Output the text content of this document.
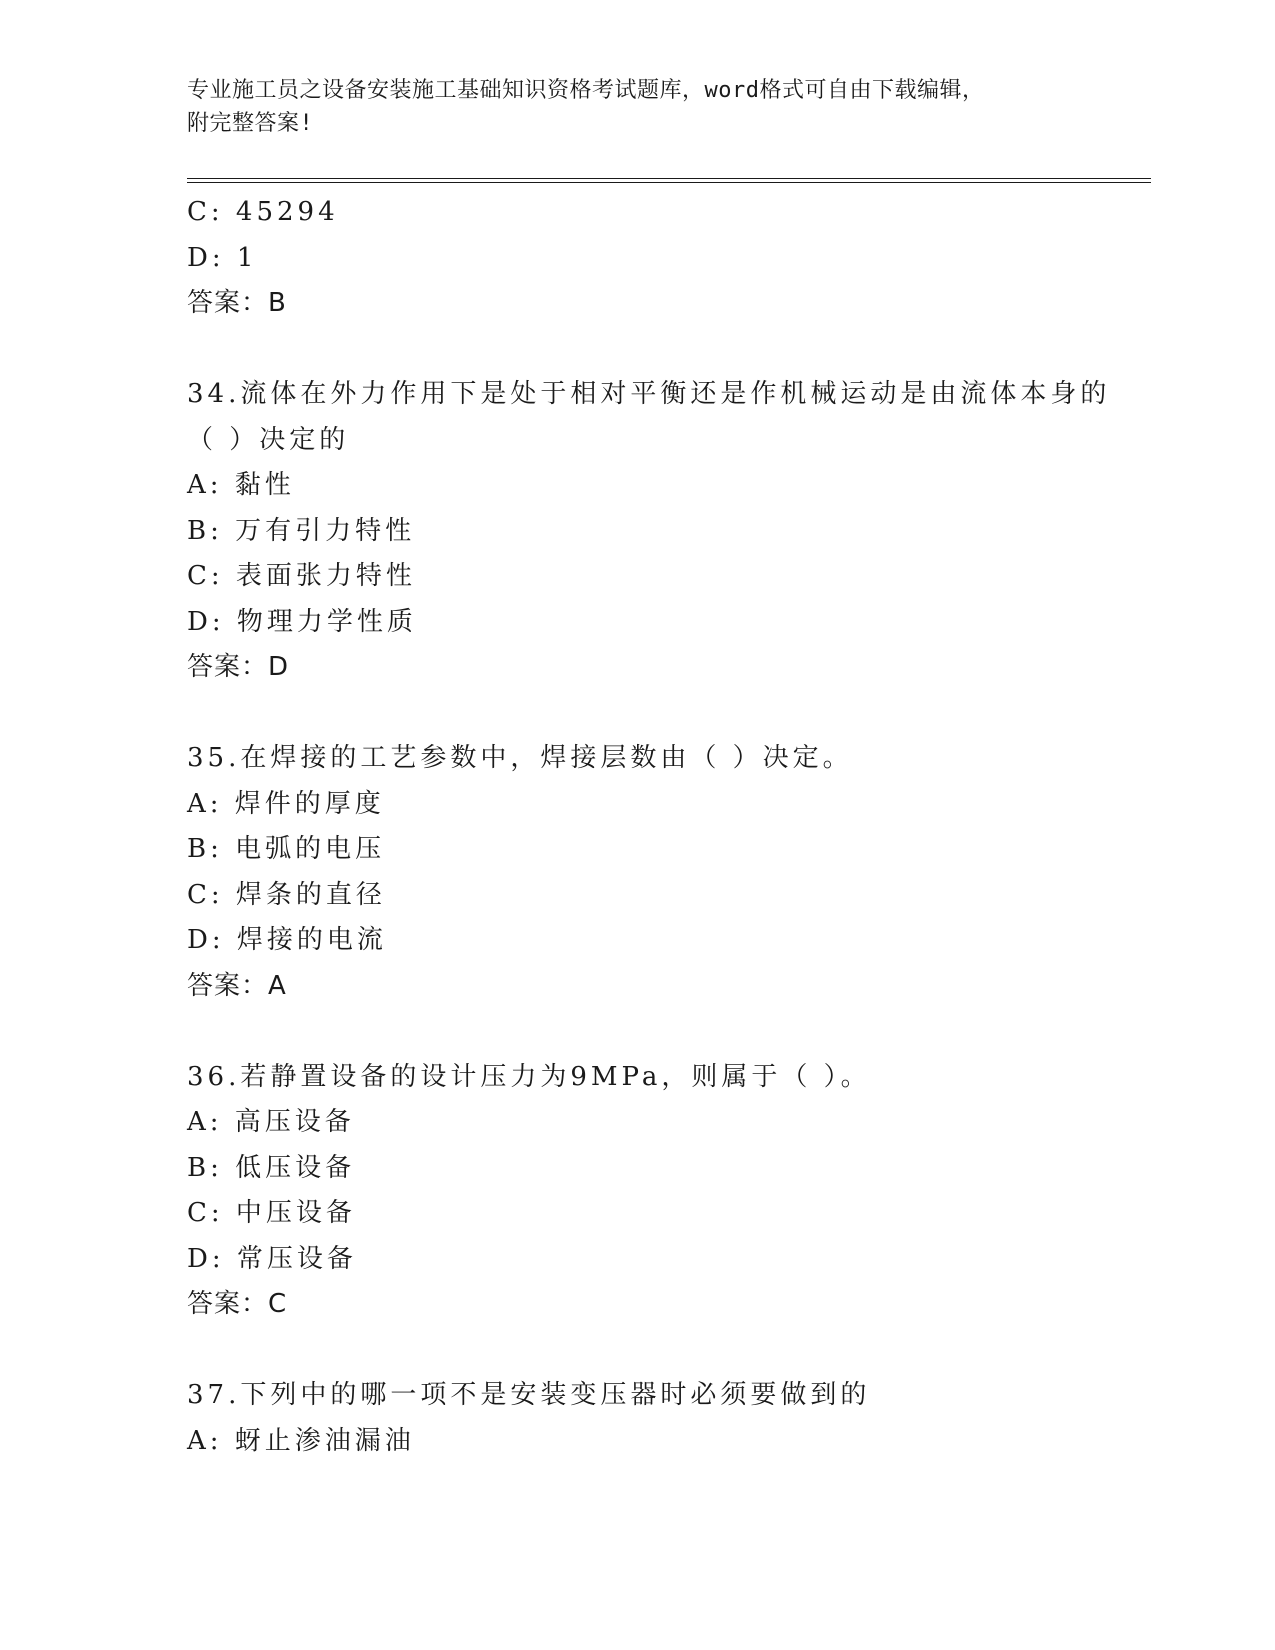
专业施工员之设备安装施工基础知识资格考试题库，word格式可自由下载编辑，
附完整答案!
C: 45294
D: 1
答案：B
34.流体在外力作用下是处于相对平衡还是作机械运动是由流体本身的
（ ）决定的
A: 黏性
B: 万有引力特性
C: 表面张力特性
D: 物理力学性质
答案：D
35.在焊接的工艺参数中，焊接层数由（ ）决定。
A: 焊件的厚度
B: 电弧的电压
C: 焊条的直径
D: 焊接的电流
答案：A
36.若静置设备的设计压力为9MPa，则属于（ ）。
A: 高压设备
B: 低压设备
C: 中压设备
D: 常压设备
答案：C
37.下列中的哪一项不是安装变压器时必须要做到的
A: 蚜止渗油漏油
